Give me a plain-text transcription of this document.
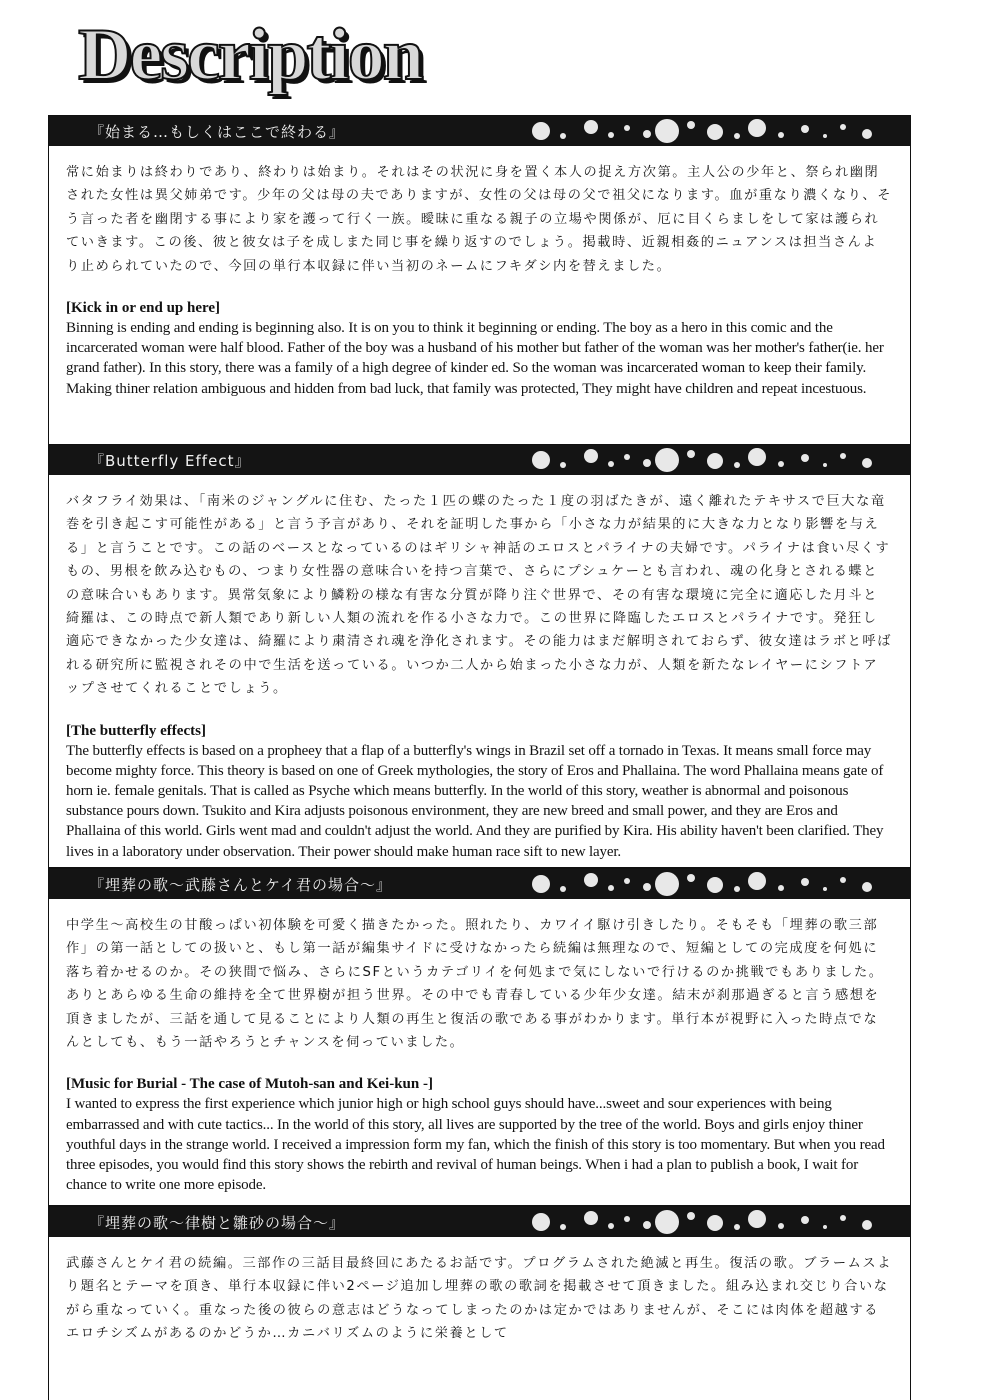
Description
『始まる…もしくはここで終わる』

常に始まりは終わりであり、終わりは始まり。それはその状況に身を置く本人の捉え方次第。主人公の少年と、祭られ幽閉された女性は異父姉弟です。少年の父は母の夫でありますが、女性の父は母の父で祖父になります。血が重なり濃くなり、そう言った者を幽閉する事により家を護って行く一族。曖昧に重なる親子の立場や関係が、厄に目くらましをして家は護られていきます。この後、彼と彼女は子を成しまた同じ事を繰り返すのでしょう。掲載時、近親相姦的ニュアンスは担当さんより止められていたので、今回の単行本収録に伴い当初のネームにフキダシ内を替えました。

[Kick in or end up here]

Binning is ending and ending is beginning also. It is on you to think it beginning or ending. The boy as a hero in this comic and the incarcerated woman were half blood. Father of the boy was a husband of his mother but father of the woman was her mother's father(ie. her grand father). In this story, there was a family of a high degree of kinder ed. So the woman was incarcerated woman to keep their family. Making thiner relation ambiguous and hidden from bad luck, that family was protected, They might have children and repeat incestuous.

『Butterfly Effect』

バタフライ効果は、「南米のジャングルに住む、たった１匹の蝶のたった１度の羽ばたきが、遠く離れたテキサスで巨大な竜巻を引き起こす可能性がある」と言う予言があり、それを証明した事から「小さな力が結果的に大きな力となり影響を与える」と言うことです。この話のベースとなっているのはギリシャ神話のエロスとパライナの夫婦です。パライナは食い尽くすもの、男根を飲み込むもの、つまり女性器の意味合いを持つ言葉で、さらにプシュケーとも言われ、魂の化身とされる蝶との意味合いもあります。異常気象により鱗粉の様な有害な分質が降り注ぐ世界で、その有害な環境に完全に適応した月斗と綺羅は、この時点で新人類であり新しい人類の流れを作る小さな力で。この世界に降臨したエロスとパライナです。発狂し適応できなかった少女達は、綺羅により粛清され魂を浄化されます。その能力はまだ解明されておらず、彼女達はラボと呼ばれる研究所に監視されその中で生活を送っている。いつか二人から始まった小さな力が、人類を新たなレイヤーにシフトアップさせてくれることでしょう。

[The butterfly effects]

The butterfly effects is based on a propheey that a flap of a butterfly's wings in Brazil set off a tornado in Texas. It means small force may become mighty force. This theory is based on one of Greek mythologies, the story of Eros and Phallaina. The word Phallaina means gate of horn ie. female genitals. That is called as Psyche which means butterfly. In the world of this story, weather is abnormal and poisonous substance pours down. Tsukito and Kira adjusts poisonous environment, they are new breed and small power, and they are Eros and Phallaina of this world. Girls went mad and couldn't adjust the world. And they are purified by Kira. His ability haven't been clarified. They lives in a laboratory under observation. Their power should make human race sift to new layer.

『埋葬の歌～武藤さんとケイ君の場合～』

中学生～高校生の甘酸っぱい初体験を可愛く描きたかった。照れたり、カワイイ駆け引きしたり。そもそも「埋葬の歌三部作」の第一話としての扱いと、もし第一話が編集サイドに受けなかったら続編は無理なので、短編としての完成度を何処に落ち着かせるのか。その狭間で悩み、さらにSFというカテゴリイを何処まで気にしないで行けるのか挑戦でもありました。ありとあらゆる生命の維持を全て世界樹が担う世界。その中でも青春している少年少女達。結末が刹那過ぎると言う感想を頂きましたが、三話を通して見ることにより人類の再生と復活の歌である事がわかります。単行本が視野に入った時点でなんとしても、もう一話やろうとチャンスを伺っていました。

[Music for Burial - The case of Mutoh-san and Kei-kun -]

I wanted to express the first experience which junior high or high school guys should have...sweet and sour experiences with being embarrassed and with cute tactics... In the world of this story, all lives are supported by the tree of the world. Boys and girls enjoy thiner youthful days in the strange world. I received a impression form my fan, which the finish of this story is too momentary. But when you read three episodes, you would find this story shows the rebirth and revival of human beings. When i had a plan to publish a book, I wait for chance to write one more episode.

『埋葬の歌～律樹と雛砂の場合～』

武藤さんとケイ君の続編。三部作の三話目最終回にあたるお話です。プログラムされた絶滅と再生。復活の歌。ブラームスより題名とテーマを頂き、単行本収録に伴い2ページ追加し埋葬の歌の歌詞を掲載させて頂きました。組み込まれ交じり合いながら重なっていく。重なった後の彼らの意志はどうなってしまったのかは定かではありませんが、そこには肉体を超越するエロチシズムがあるのかどうか…カニバリズムのように栄養として
